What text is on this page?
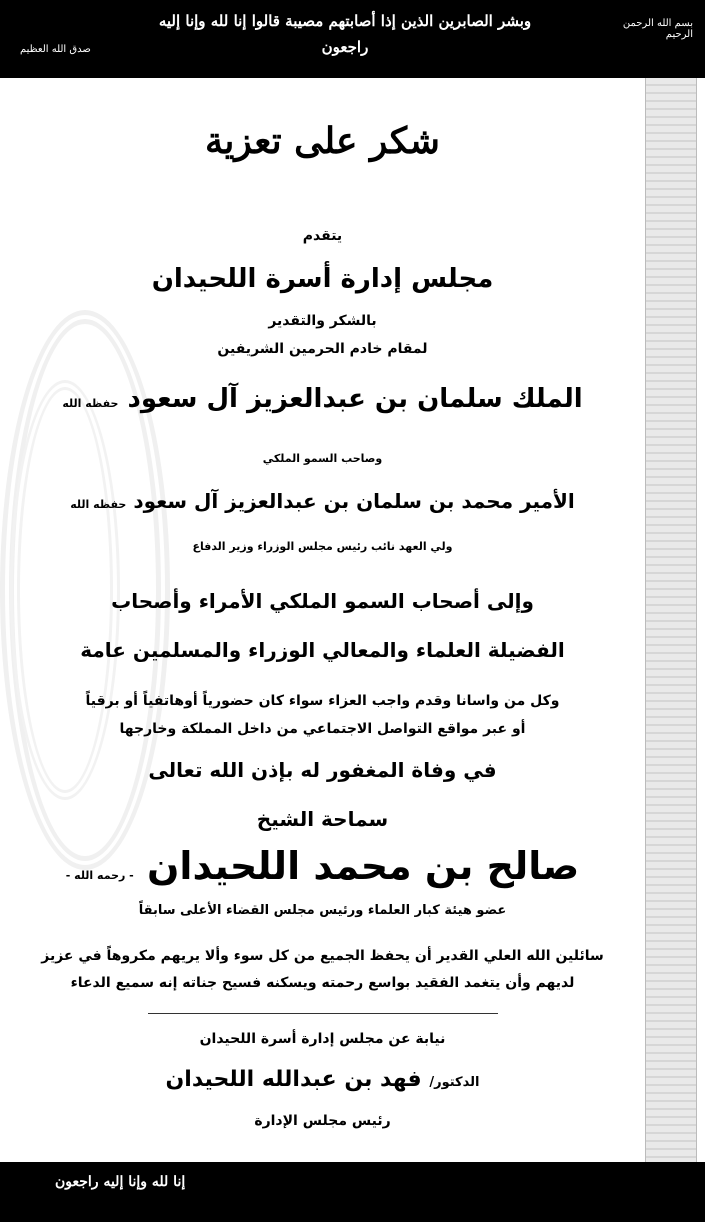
بسم الله الرحمن الرحيم
وبشر الصابرين الذين إذا أصابتهم مصيبة قالوا إنا لله وإنا إليه راجعون
صدق الله العظيم
شكر على تعزية
يتقدم
مجلس إدارة أسرة اللحيدان
بالشكر والتقدير
لمقام خادم الحرمين الشريفين
الملك سلمان بن عبدالعزيز آل سعود حفظه الله
وصاحب السمو الملكي
الأمير محمد بن سلمان بن عبدالعزيز آل سعود حفظه الله
ولي العهد نائب رئيس مجلس الوزراء وزير الدفاع
وإلى أصحاب السمو الملكي الأمراء وأصحاب
الفضيلة العلماء والمعالي الوزراء والمسلمين عامة
وكل من واسانا وقدم واجب العزاء سواء كان حضورياً أوهاتفياً أو برقياً
أو عبر مواقع التواصل الاجتماعي من داخل المملكة وخارجها
في وفاة المغفور له بإذن الله تعالى
سماحة الشيخ
صالح بن محمد اللحيدان - رحمه الله -
عضو هيئة كبار العلماء ورئيس مجلس القضاء الأعلى سابقاً
سائلين الله العلي القدير أن يحفظ الجميع من كل سوء وألا يريهم مكروهاً في عزيز
لديهم وأن يتغمد الفقيد بواسع رحمته ويسكنه فسيح جناته إنه سميع الدعاء
نيابة عن مجلس إدارة أسرة اللحيدان
الدكتور/ فهد بن عبدالله اللحيدان
رئيس مجلس الإدارة
إنا لله وإنا إليه راجعون
